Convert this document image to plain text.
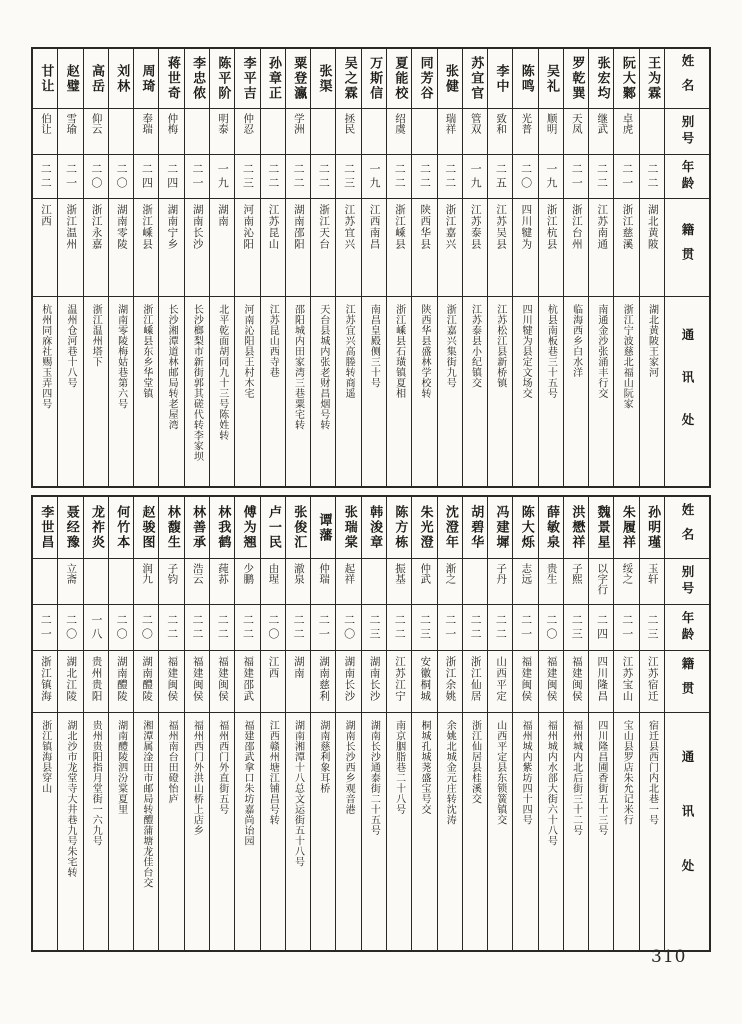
甘让
伯让
二二
江西
杭州同庥社赐玉弄四号
赵璧
雪瑜
二一
浙江温州
温州仓河巷十八号
高岳
仰云
二〇
浙江永嘉
浙江温州塔下
刘林
二〇
湖南零陵
湖南零陵梅姑巷第六号
周琦
奉瑞
二四
浙江嵊县
浙江嵊县东乡华堂镇
蒋世奇
仲梅
二四
湖南宁乡
长沙湘潭道林邮局转老屋湾
李忠侬
二一
湖南长沙
长沙榔梨市新街郭其磋代转李家坝
陈平阶
明泰
一九
湖南
北平乾面胡同九十三号陈姓转
李平吉
仲忍
二三
河南沁阳
河南沁阳县王村木宅
孙章正
二二
江苏昆山
江苏昆山西寺巷
粟登瀛
学洲
二二
湖南邵阳
邵阳城内田家湾三巷粟宅转
张渠
二二
浙江天台
天台县城内张老财昌烟号转
吴之霖
拯民
二三
江苏宜兴
江苏宜兴高塍转商遥
万斯信
一九
江西南昌
南昌皇殿侧三十号
夏能校
绍虞
二二
浙江嵊县
浙江嵊县石璜镇夏相
同芳谷
二二
陕西华县
陕西华县盛林学校转
张健
瑞祥
二二
浙江嘉兴
浙江嘉兴集街九号
苏宜官
管双
一九
江苏泰县
江苏泰县小纪镇交
李中
致和
二五
江苏吴县
江苏松江县新桥镇
陈鸣
光普
二〇
四川犍为
四川犍为县定文场交
吴礼
顺明
一九
浙江杭县
杭县南板巷三十五号
罗乾巽
天凤
二一
浙江台州
临海西乡白水洋
张宏均
继武
二二
江苏南通
南通金沙张涌丰行交
阮大鄹
卓虎
二一
浙江慈溪
浙江宁波慈北福山阮家
王为霖
二二
湖北黄陂
湖北黄陂王家河
姓名
别号
年龄
籍贯
通讯处
李世昌
二一
浙江镇海
浙江镇海县穿山
聂经豫
立斋
二〇
湖北江陵
湖北沙市龙堂寺大井巷九号朱宅转
龙祚炎
一八
贵州贵阳
贵州贵阳指月堂街一六九号
何竹本
二〇
湖南醴陵
湖南醴陵泗汾棠夏里
赵骏图
润九
二〇
湖南醴陵
湘潭属淦田市邮局转醴蒲塘龙佳台交
林馥生
子钧
二二
福建闽侯
福州南台田磴怡庐
林善承
浩云
二二
福建闽侯
福州西门外洪山桥上店乡
林我鹤
莼荪
二二
福建闽侯
福州西门外直街五号
傅为翘
少鹏
二二
福建邵武
福建邵武拿口朱坊嘉尚诒园
卢一民
由瑆
二〇
江西
江西赣州塘江铺昌号转
张俊汇
澈泉
二二
湖南
湖南湘潭十八总文运街五十八号
谭藩
仲瑞
二一
湖南慈利
湖南慈利象耳桥
张瑞棠
起祥
二〇
湖南长沙
湖南长沙西乡观音港
韩浚章
二三
湖南长沙
湖南长沙通泰街二十五号
陈方栋
振基
二二
江苏江宁
南京胭脂巷二十八号
朱光澄
仲武
二三
安徽桐城
桐城孔城荛盛宝号交
沈澄年
渐之
二一
浙江余姚
余姚北城金元庄转沈涛
胡碧华
二二
浙江仙居
浙江仙居县桂溪交
冯建墀
子丹
二二
山西平定
山西平定县东锁簧镇交
陈大烁
志远
二一
福建闽侯
福州城内紫坊四十四号
薛敏泉
贵生
二〇
福建闽侯
福州城内水部大街六十八号
洪懋祥
子熙
二三
福建闽侯
福州城内北后街三十二号
魏景星
以字行
二四
四川隆昌
四川隆昌圃香街五十三号
朱履祥
绥之
二一
江苏宝山
宝山县罗店朱允记米行
孙明瑾
玉轩
二三
江苏宿迁
宿迁县西门内北巷一号
姓名
别号
年龄
籍贯
通讯处
310
